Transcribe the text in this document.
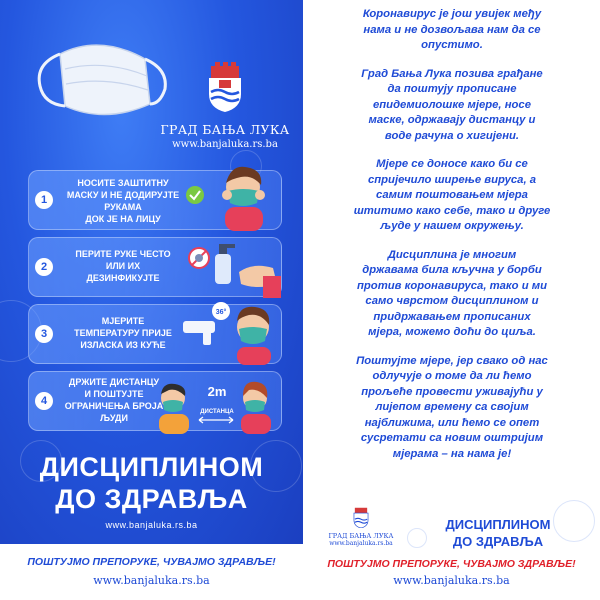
ГРАД БАЊА ЛУКА
www.banjaluka.rs.ba
1
НОСИТЕ ЗАШТИТНУ
МАСКУ И НЕ ДОДИРУЈТЕ
РУКАМА
ДОК ЈЕ НА ЛИЦУ
2
ПЕРИТЕ РУКЕ ЧЕСТО
ИЛИ ИХ
ДЕЗИНФИКУЈТЕ
3
МЈЕРИТЕ
ТЕМПЕРАТУРУ ПРИЈЕ
ИЗЛАСКА ИЗ КУЋЕ
36°
4
ДРЖИТЕ ДИСТАНЦУ
И ПОШТУЈТЕ
ОГРАНИЧЕЊА БРОЈА
ЉУДИ
2m
ДИСТАНЦА
ДИСЦИПЛИНОМ
ДО ЗДРАВЉА
www.banjaluka.rs.ba
ПОШТУЈМО ПРЕПОРУКЕ, ЧУВАЈМО ЗДРАВЉЕ!
www.banjaluka.rs.ba

Коронавирус је још увијек међу
нама и не дозвољава нам да се
опустимо.

Град Бања Лука позива грађане
да поштују прописане
епидемиолошке мјере, носе
маске, одржавају дистанцу и
воде рачуна о хигијени.

Мјере се доносе како би се
спријечило ширење вируса, а
самим поштовањем мјера
штитимо како себе, тако и друге
људе у нашем окружењу.

Дисциплина је многим
државама била кључна у борби
против коронавируса, тако и ми
само чврстом дисциплином и
придржавањем прописаних
мјера, можемо доћи до циља.

Поштујте мјере, јер свако од нас
одлучује о томе да ли ћемо
прољеће провести уживајући у
лијепом времену са својим
најближима, или ћемо се опет
сусретати са новим оштријим
мјерама – на нама је!

ГРАД БАЊА ЛУКА
www.banjaluka.rs.ba
ДИСЦИПЛИНОМ
ДО ЗДРАВЉА
ПОШТУЈМО ПРЕПОРУКЕ, ЧУВАЈМО ЗДРАВЉЕ!
www.banjaluka.rs.ba
